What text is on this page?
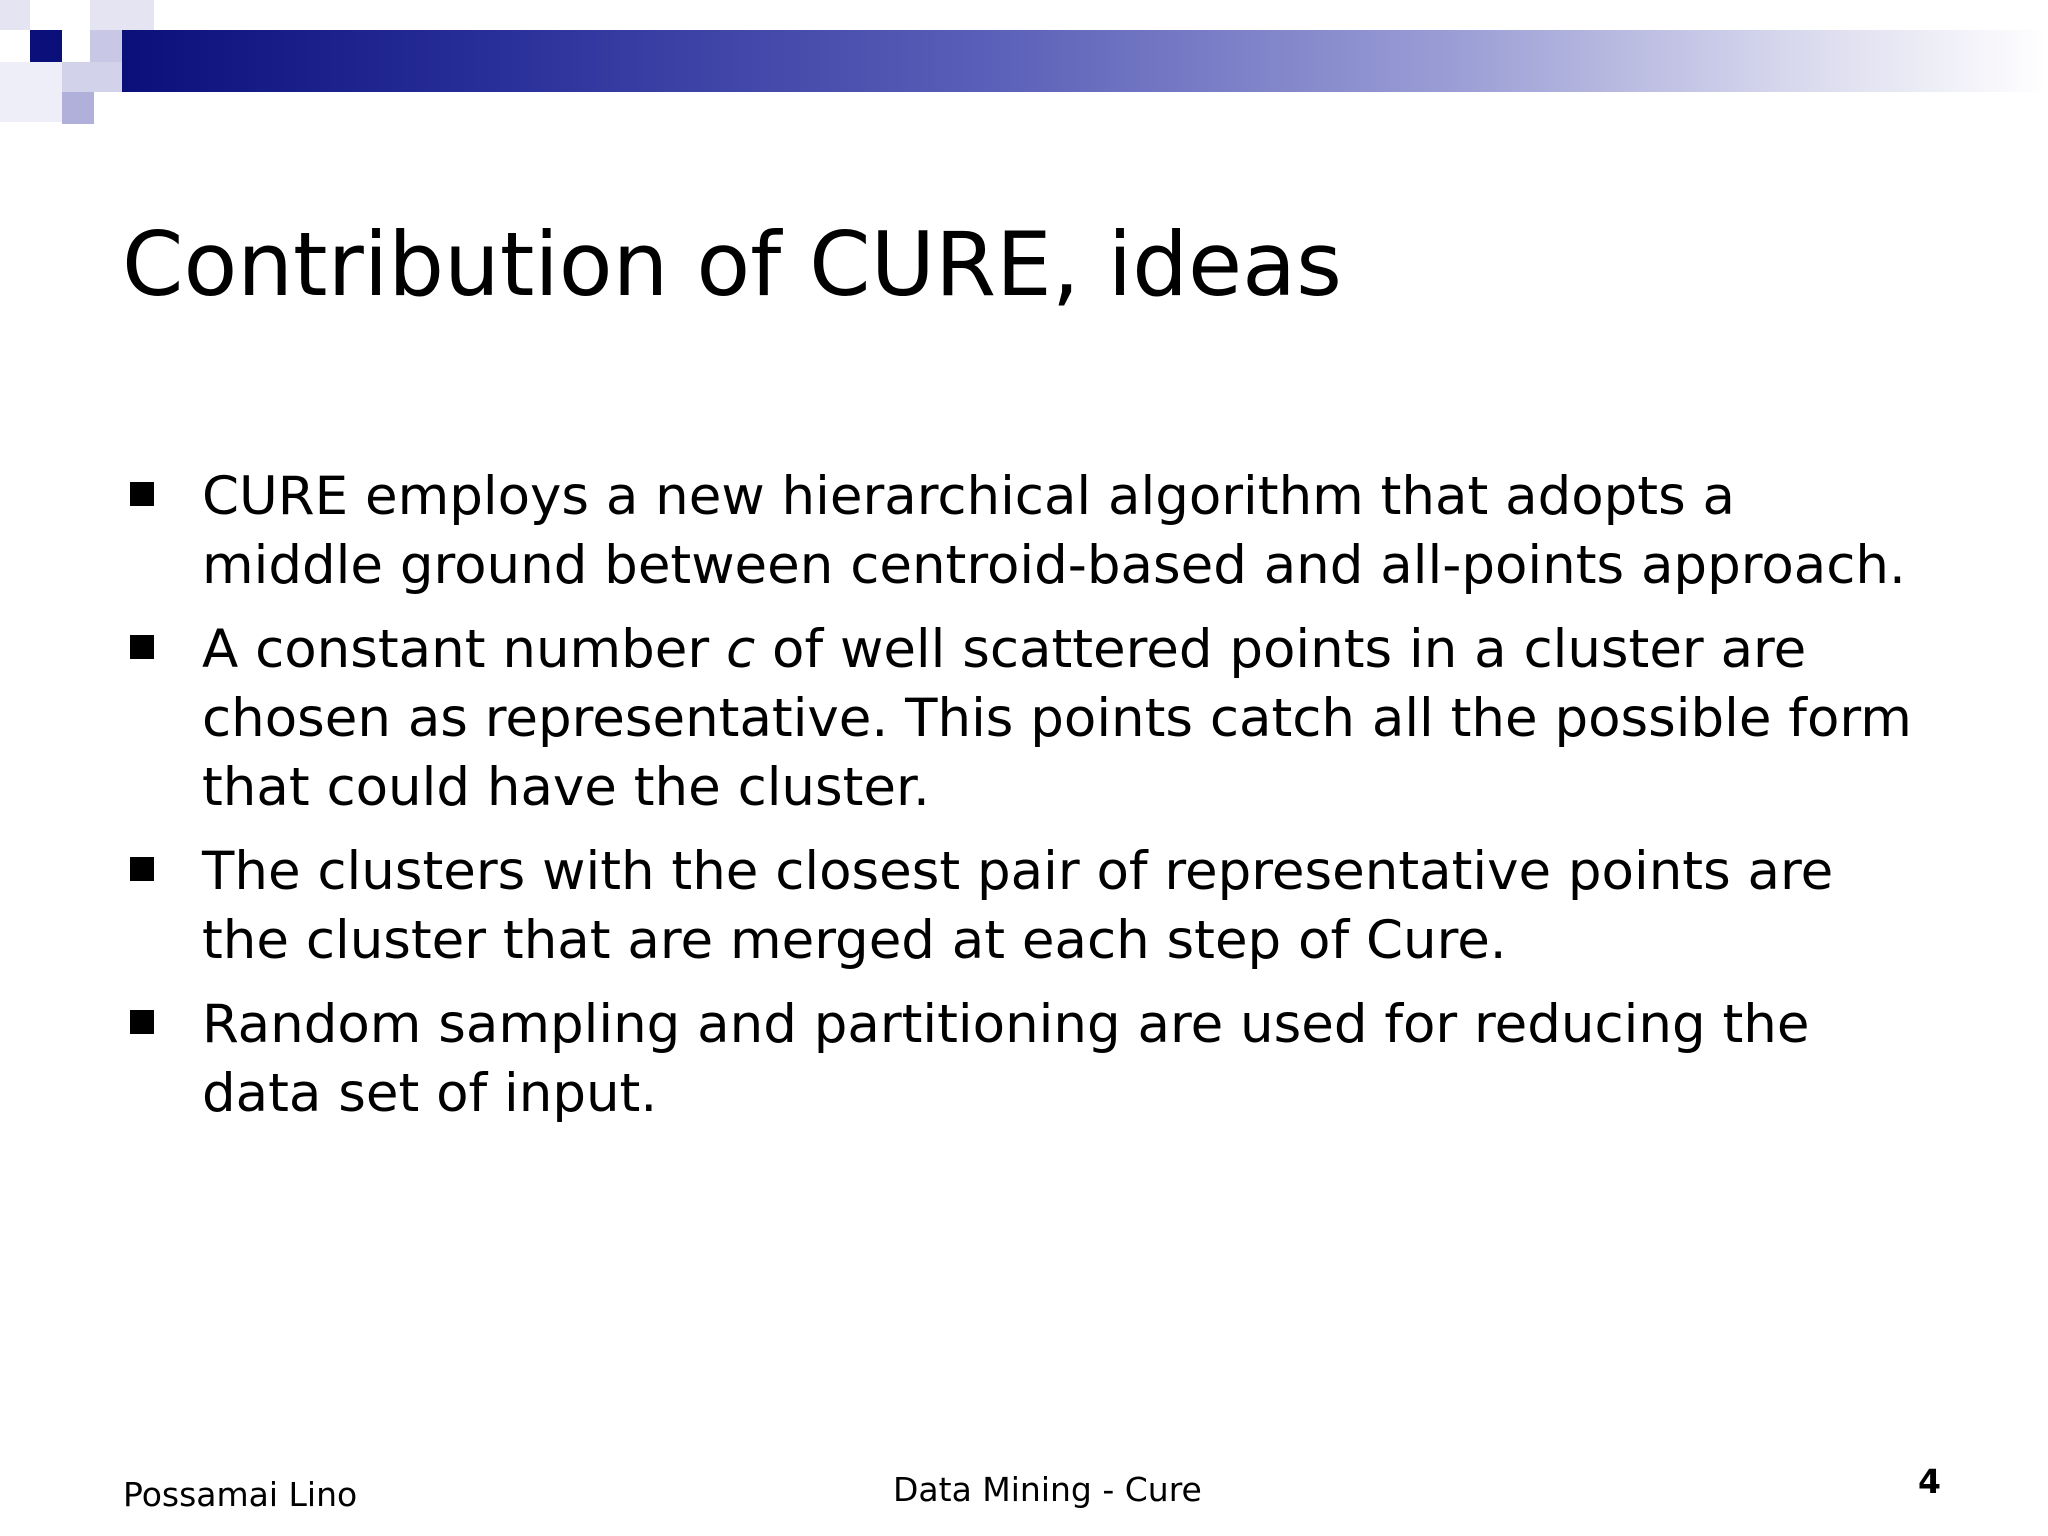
Contribution of CURE, ideas
CURE employs a new hierarchical algorithm that adopts a middle ground between centroid-based and all-points approach.
A constant number c of well scattered points in a cluster are chosen as representative. This points catch all the possible form that could have the cluster.
The clusters with the closest pair of representative points are the cluster that are merged at each step of Cure.
Random sampling and partitioning are used for reducing the data set of input.
Possamai Lino	Data Mining - Cure	4
